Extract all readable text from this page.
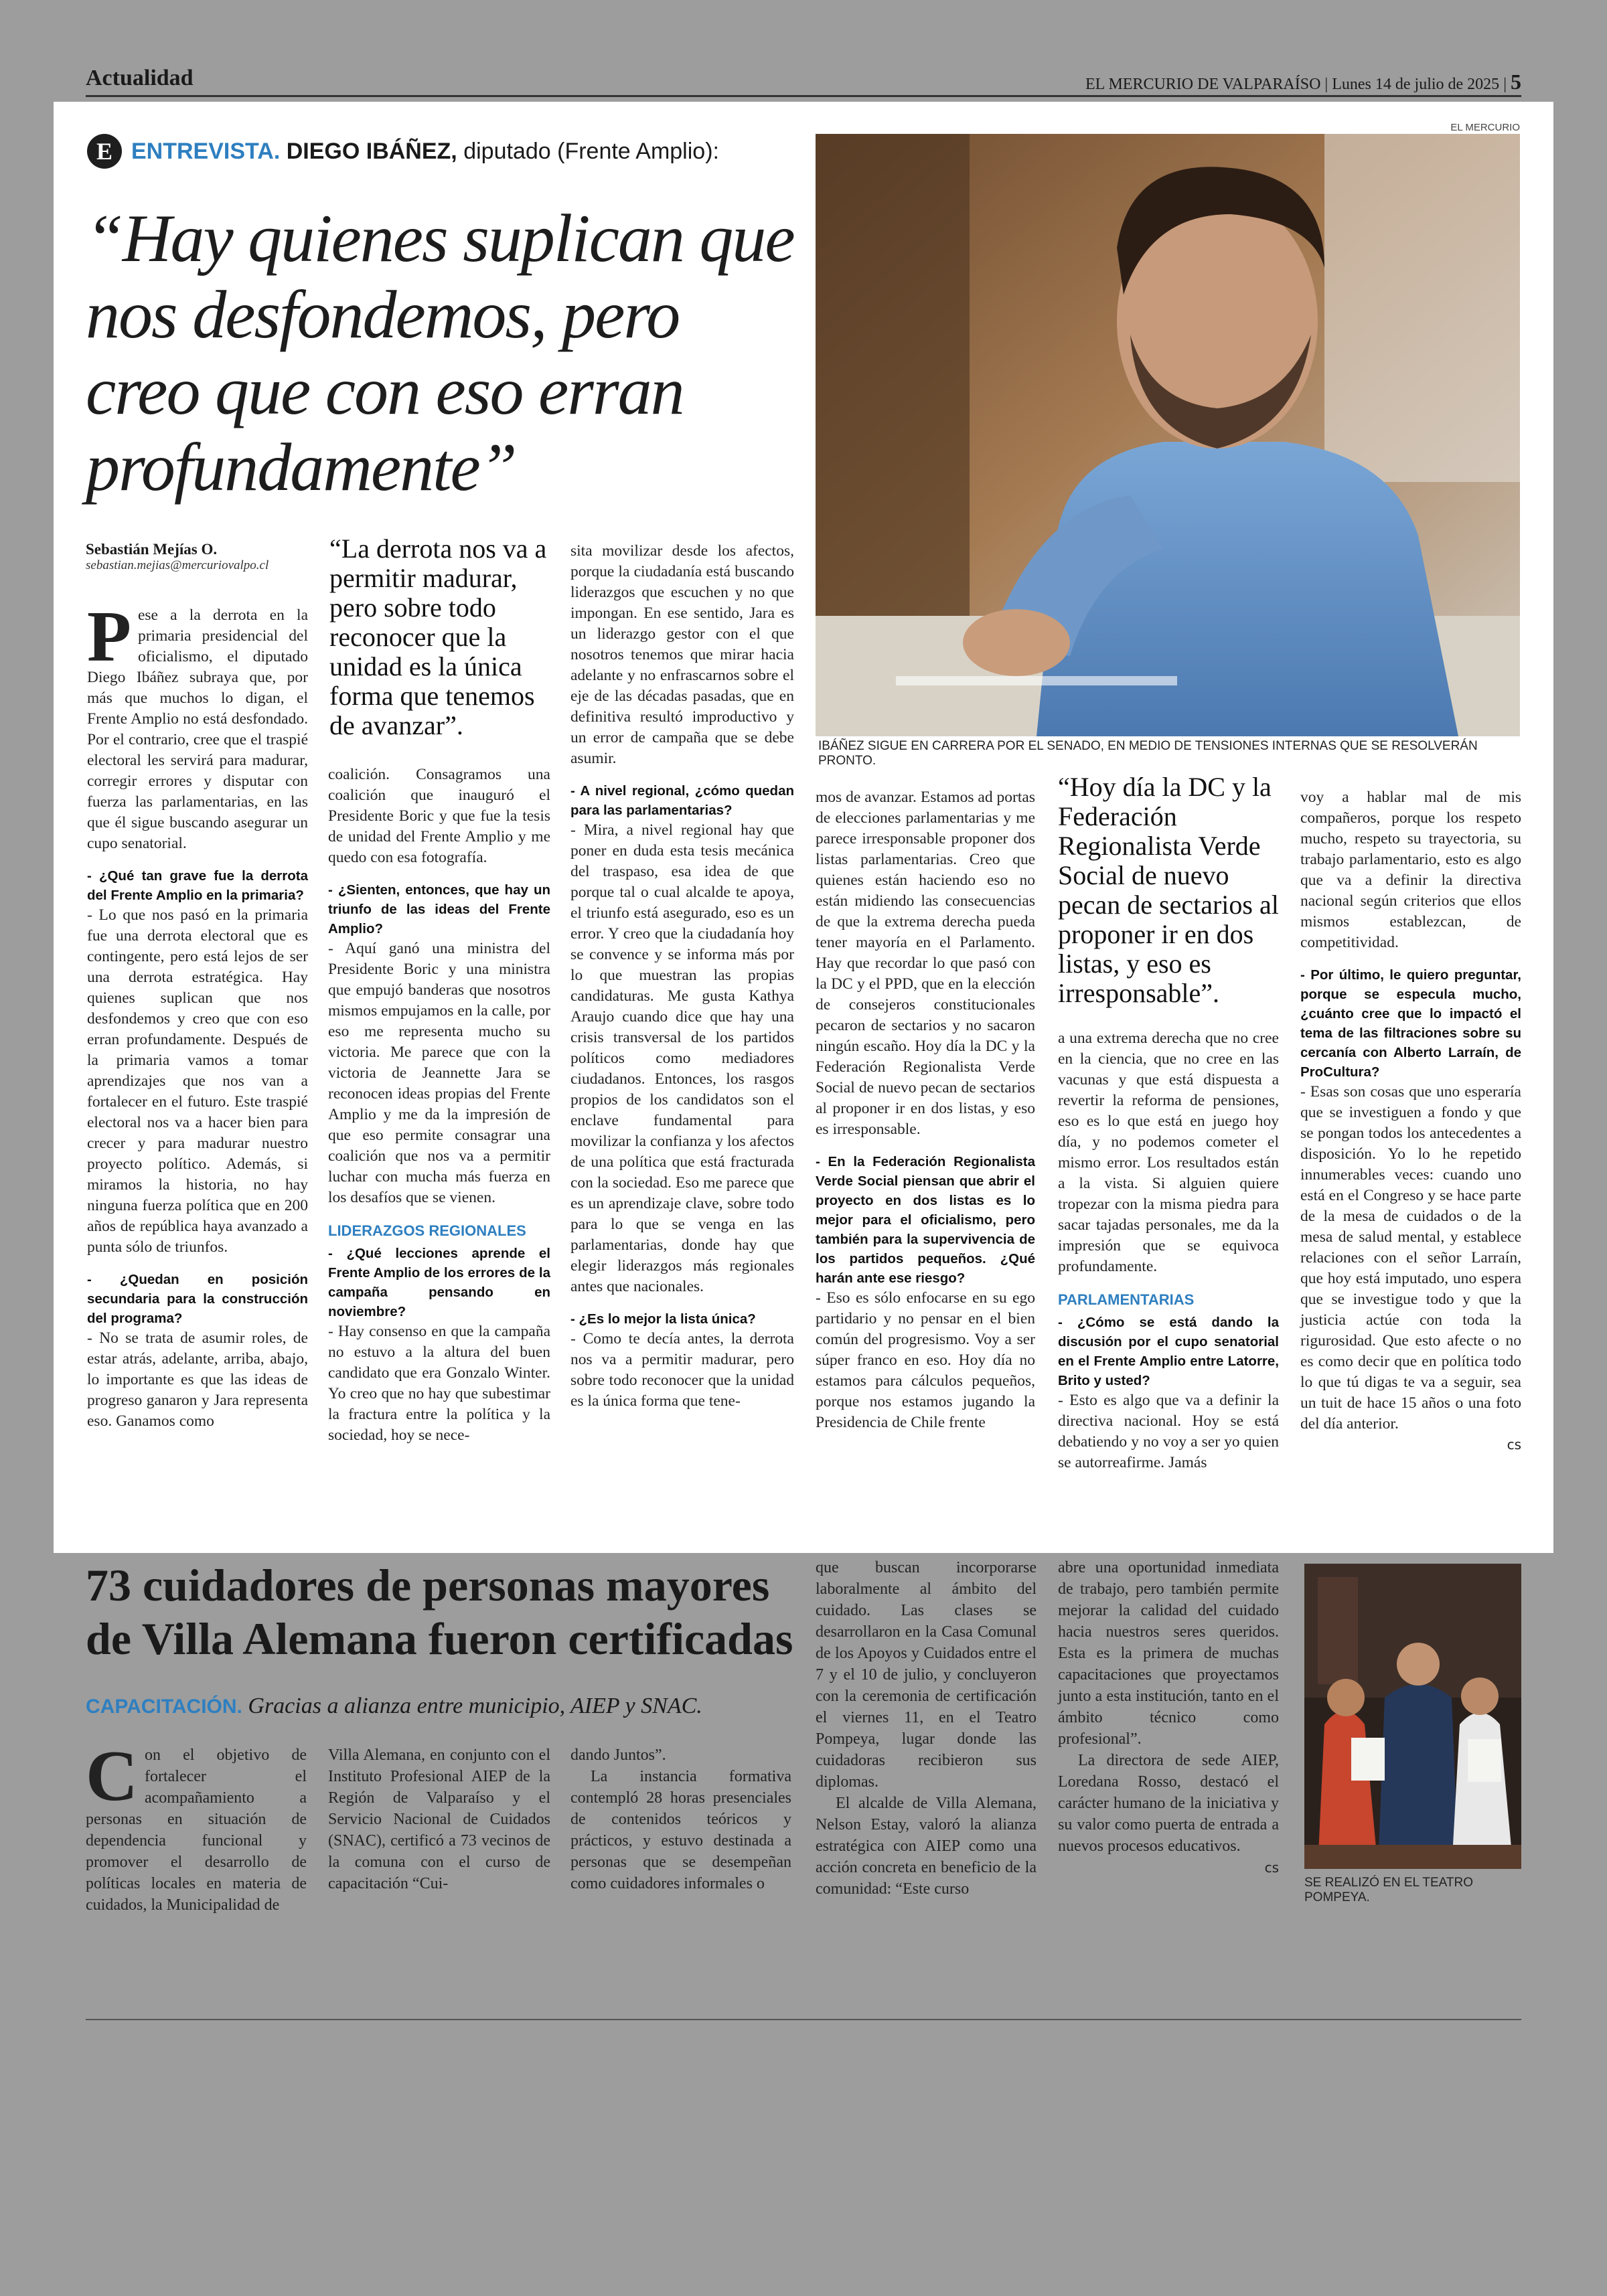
Actualidad	EL MERCURIO DE VALPARAÍSO | Lunes 14 de julio de 2025 | 5
E ENTREVISTA. DIEGO IBÁÑEZ, diputado (Frente Amplio):
“Hay quienes suplican que nos desfondemos, pero creo que con eso erran profundamente”
Sebastián Mejías O.
sebastian.mejias@mercuriovalpo.cl
EL MERCURIO
IBÁÑEZ SIGUE EN CARRERA POR EL SENADO, EN MEDIO DE TENSIONES INTERNAS QUE SE RESOLVERÁN PRONTO.

Pese a la derrota en la primaria presidencial del oficialismo, el diputado Diego Ibáñez subraya que, por más que muchos lo digan, el Frente Amplio no está desfondado. Por el contrario, cree que el traspié electoral les servirá para madurar, corregir errores y disputar con fuerza las parlamentarias, en las que él sigue buscando asegurar un cupo senatorial.

- ¿Qué tan grave fue la derrota del Frente Amplio en la primaria?

- Lo que nos pasó en la primaria fue una derrota electoral que es contingente, pero está lejos de ser una derrota estratégica. Hay quienes suplican que nos desfondemos y creo que con eso erran profundamente. Después de la primaria vamos a tomar aprendizajes que nos van a fortalecer en el futuro. Este traspié electoral nos va a hacer bien para crecer y para madurar nuestro proyecto político. Además, si miramos la historia, no hay ninguna fuerza política que en 200 años de república haya avanzado a punta sólo de triunfos.

- ¿Quedan en posición secundaria para la construcción del programa?

- No se trata de asumir roles, de estar atrás, adelante, arriba, abajo, lo importante es que las ideas de progreso ganaron y Jara representa eso. Ganamos como

“La derrota nos va a permitir madurar, pero sobre todo reconocer que la unidad es la única forma que tenemos de avanzar”.

coalición. Consagramos una coalición que inauguró el Presidente Boric y que fue la tesis de unidad del Frente Amplio y me quedo con esa fotografía.

- ¿Sienten, entonces, que hay un triunfo de las ideas del Frente Amplio?

- Aquí ganó una ministra del Presidente Boric y una ministra que empujó banderas que nosotros mismos empujamos en la calle, por eso me representa mucho su victoria. Me parece que con la victoria de Jeannette Jara se reconocen ideas propias del Frente Amplio y me da la impresión de que eso permite consagrar una coalición que nos va a permitir luchar con mucha más fuerza en los desafíos que se vienen.

LIDERAZGOS REGIONALES

- ¿Qué lecciones aprende el Frente Amplio de los errores de la campaña pensando en noviembre?

- Hay consenso en que la campaña no estuvo a la altura del buen candidato que era Gonzalo Winter. Yo creo que no hay que subestimar la fractura entre la política y la sociedad, hoy se nece-

sita movilizar desde los afectos, porque la ciudadanía está buscando liderazgos que escuchen y no que impongan. En ese sentido, Jara es un liderazgo gestor con el que nosotros tenemos que mirar hacia adelante y no enfrascarnos sobre el eje de las décadas pasadas, que en definitiva resultó improductivo y un error de campaña que se debe asumir.

- A nivel regional, ¿cómo quedan para las parlamentarias?

- Mira, a nivel regional hay que poner en duda esta tesis mecánica del traspaso, esa idea de que porque tal o cual alcalde te apoya, el triunfo está asegurado, eso es un error. Y creo que la ciudadanía hoy se convence y se informa más por lo que muestran las propias candidaturas. Me gusta Kathya Araujo cuando dice que hay una crisis transversal de los partidos políticos como mediadores ciudadanos. Entonces, los rasgos propios de los candidatos son el enclave fundamental para movilizar la confianza y los afectos de una política que está fracturada con la sociedad. Eso me parece que es un aprendizaje clave, sobre todo para lo que se venga en las parlamentarias, donde hay que elegir liderazgos más regionales antes que nacionales.

- ¿Es lo mejor la lista única?

- Como te decía antes, la derrota nos va a permitir madurar, pero sobre todo reconocer que la unidad es la única forma que tene-

mos de avanzar. Estamos ad portas de elecciones parlamentarias y me parece irresponsable proponer dos listas parlamentarias. Creo que quienes están haciendo eso no están midiendo las consecuencias de que la extrema derecha pueda tener mayoría en el Parlamento. Hay que recordar lo que pasó con la DC y el PPD, que en la elección de consejeros constitucionales pecaron de sectarios y no sacaron ningún escaño. Hoy día la DC y la Federación Regionalista Verde Social de nuevo pecan de sectarios al proponer ir en dos listas, y eso es irresponsable.

- En la Federación Regionalista Verde Social piensan que abrir el proyecto en dos listas es lo mejor para el oficialismo, pero también para la supervivencia de los partidos pequeños. ¿Qué harán ante ese riesgo?

- Eso es sólo enfocarse en su ego partidario y no pensar en el bien común del progresismo. Voy a ser súper franco en eso. Hoy día no estamos para cálculos pequeños, porque nos estamos jugando la Presidencia de Chile frente

“Hoy día la DC y la Federación Regionalista Verde Social de nuevo pecan de sectarios al proponer ir en dos listas, y eso es irresponsable”.

a una extrema derecha que no cree en la ciencia, que no cree en las vacunas y que está dispuesta a revertir la reforma de pensiones, eso es lo que está en juego hoy día, y no podemos cometer el mismo error. Los resultados están a la vista. Si alguien quiere tropezar con la misma piedra para sacar tajadas personales, me da la impresión que se equivoca profundamente.

PARLAMENTARIAS

- ¿Cómo se está dando la discusión por el cupo senatorial en el Frente Amplio entre Latorre, Brito y usted?

- Esto es algo que va a definir la directiva nacional. Hoy se está debatiendo y no voy a ser yo quien se autorreafirme. Jamás

voy a hablar mal de mis compañeros, porque los respeto mucho, respeto su trayectoria, su trabajo parlamentario, esto es algo que va a definir la directiva nacional según criterios que ellos mismos establezcan, de competitividad.

- Por último, le quiero preguntar, porque se especula mucho, ¿cuánto cree que lo impactó el tema de las filtraciones sobre su cercanía con Alberto Larraín, de ProCultura?

- Esas son cosas que uno esperaría que se investiguen a fondo y que se pongan todos los antecedentes a disposición. Yo lo he repetido innumerables veces: cuando uno está en el Congreso y se hace parte de la mesa de cuidados o de la mesa de salud mental, y establece relaciones con el señor Larraín, que hoy está imputado, uno espera que se investigue todo y que la justicia actúe con toda la rigurosidad. Que esto afecte o no es como decir que en política todo lo que tú digas te va a seguir, sea un tuit de hace 15 años o una foto del día anterior.

cs

73 cuidadores de personas mayores de Villa Alemana fueron certificadas
CAPACITACIÓN. Gracias a alianza entre municipio, AIEP y SNAC.

Con el objetivo de fortalecer el acompañamiento a personas en situación de dependencia funcional y promover el desarrollo de políticas locales en materia de cuidados, la Municipalidad de

Villa Alemana, en conjunto con el Instituto Profesional AIEP de la Región de Valparaíso y el Servicio Nacional de Cuidados (SNAC), certificó a 73 vecinos de la comuna con el curso de capacitación “Cui-

dando Juntos”.

La instancia formativa contempló 28 horas presenciales de contenidos teóricos y prácticos, y estuvo destinada a personas que se desempeñan como cuidadores informales o

que buscan incorporarse laboralmente al ámbito del cuidado. Las clases se desarrollaron en la Casa Comunal de los Apoyos y Cuidados entre el 7 y el 10 de julio, y concluyeron con la ceremonia de certificación el viernes 11, en el Teatro Pompeya, lugar donde las cuidadoras recibieron sus diplomas.

El alcalde de Villa Alemana, Nelson Estay, valoró la alianza estratégica con AIEP como una acción concreta en beneficio de la comunidad: “Este curso

abre una oportunidad inmediata de trabajo, pero también permite mejorar la calidad del cuidado hacia nuestros seres queridos. Esta es la primera de muchas capacitaciones que proyectamos junto a esta institución, tanto en el ámbito técnico como profesional”.

La directora de sede AIEP, Loredana Rosso, destacó el carácter humano de la iniciativa y su valor como puerta de entrada a nuevos procesos educativos.

cs

SE REALIZÓ EN EL TEATRO POMPEYA.
